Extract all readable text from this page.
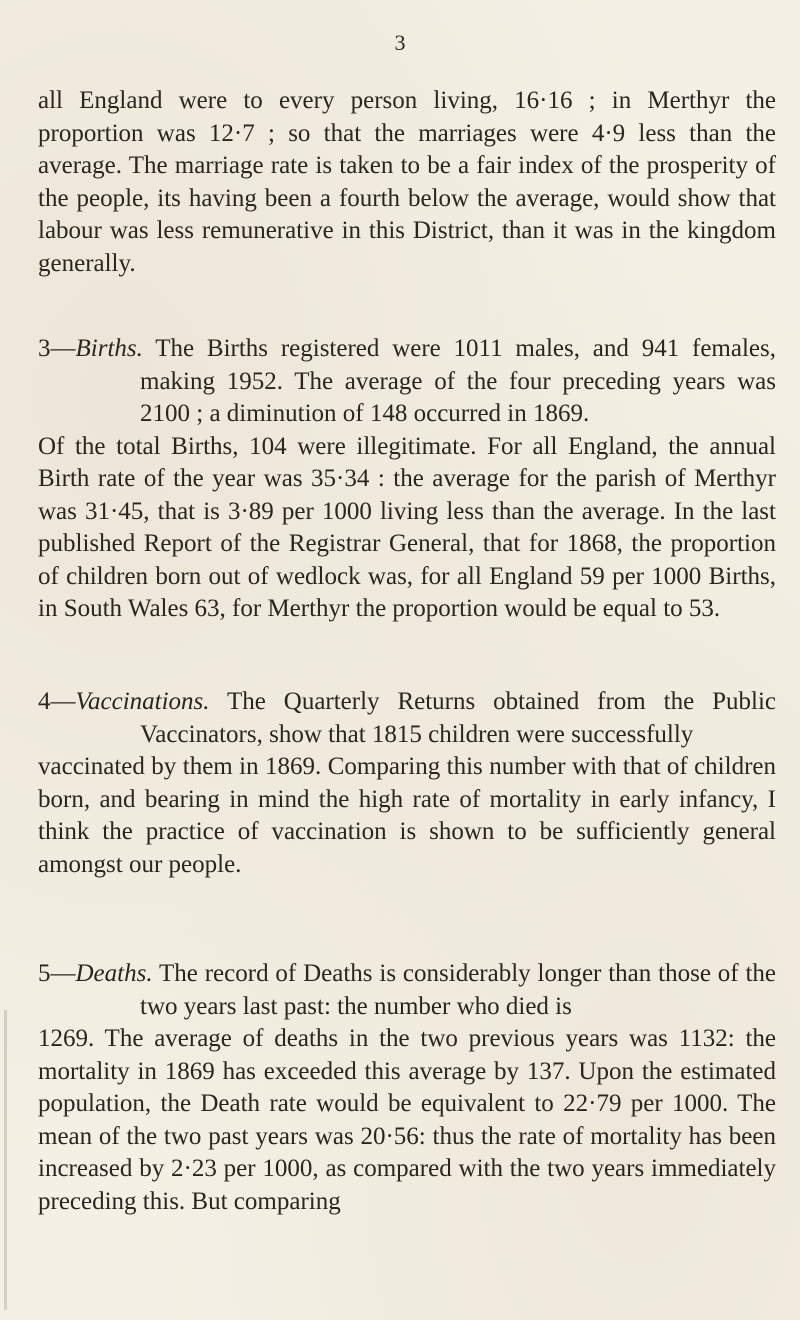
3
all England were to every person living, 16·16 ; in Merthyr the proportion was 12·7 ; so that the marriages were 4·9 less than the average. The marriage rate is taken to be a fair index of the prosperity of the people, its having been a fourth below the average, would show that labour was less remunerative in this District, than it was in the kingdom generally.
3—Births. The Births registered were 1011 males, and 941 females, making 1952. The average of the four preceding years was 2100 ; a diminution of 148 occurred in 1869.
Of the total Births, 104 were illegitimate. For all England, the annual Birth rate of the year was 35·34 : the average for the parish of Merthyr was 31·45, that is 3·89 per 1000 living less than the average. In the last published Report of the Registrar General, that for 1868, the proportion of children born out of wedlock was, for all England 59 per 1000 Births, in South Wales 63, for Merthyr the proportion would be equal to 53.
4—Vaccinations. The Quarterly Returns obtained from the Public Vaccinators, show that 1815 children were successfully
vaccinated by them in 1869. Comparing this number with that of children born, and bearing in mind the high rate of mortality in early infancy, I think the practice of vaccination is shown to be sufficiently general amongst our people.
5—Deaths. The record of Deaths is considerably longer than those of the two years last past: the number who died is
1269. The average of deaths in the two previous years was 1132: the mortality in 1869 has exceeded this average by 137. Upon the estimated population, the Death rate would be equivalent to 22·79 per 1000. The mean of the two past years was 20·56: thus the rate of mortality has been increased by 2·23 per 1000, as compared with the two years immediately preceding this. But comparing
